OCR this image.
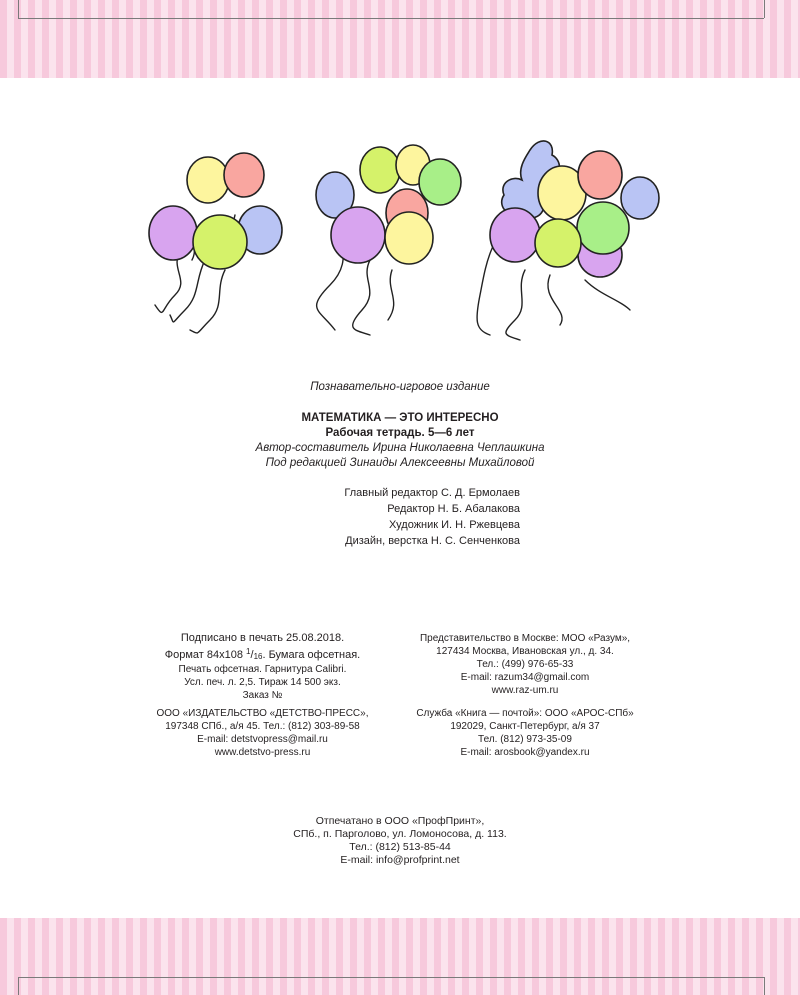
Познавательно-игровое издание
МАТЕМАТИКА — ЭТО ИНТЕРЕСНО
Рабочая тетрадь. 5—6 лет
Автор-составитель Ирина Николаевна Чеплашкина
Под редакцией Зинаиды Алексеевны Михайловой
Главный редактор С. Д. Ермолаев
Редактор Н. Б. Абалакова
Художник И. Н. Ржевцева
Дизайн, верстка Н. С. Сенченкова
Подписано в печать 25.08.2018.
Формат 84х108 $^1/_{16}$. Бумага офсетная.
Печать офсетная. Гарнитура Calibri.
Усл. печ. л. 2,5. Тираж 14 500 экз.
Заказ №
ООО «ИЗДАТЕЛЬСТВО «ДЕТСТВО-ПРЕСС»,
197348 СПб., а/я 45. Тел.: (812) 303-89-58
E-mail: detstvopress@mail.ru
www.detstvo-press.ru
Представительство в Москве: МОО «Разум»,
127434 Москва, Ивановская ул., д. 34.
Тел.: (499) 976-65-33
E-mail: razum34@gmail.com
www.raz-um.ru
Служба «Книга — почтой»: ООО «АРОС-СПб»
192029, Санкт-Петербург, а/я 37
Тел. (812) 973-35-09
E-mail: arosbook@yandex.ru
Отпечатано в ООО «ПрофПринт»,
СПб., п. Парголово, ул. Ломоносова, д. 113.
Тел.: (812) 513-85-44
E-mail: info@profprint.net
